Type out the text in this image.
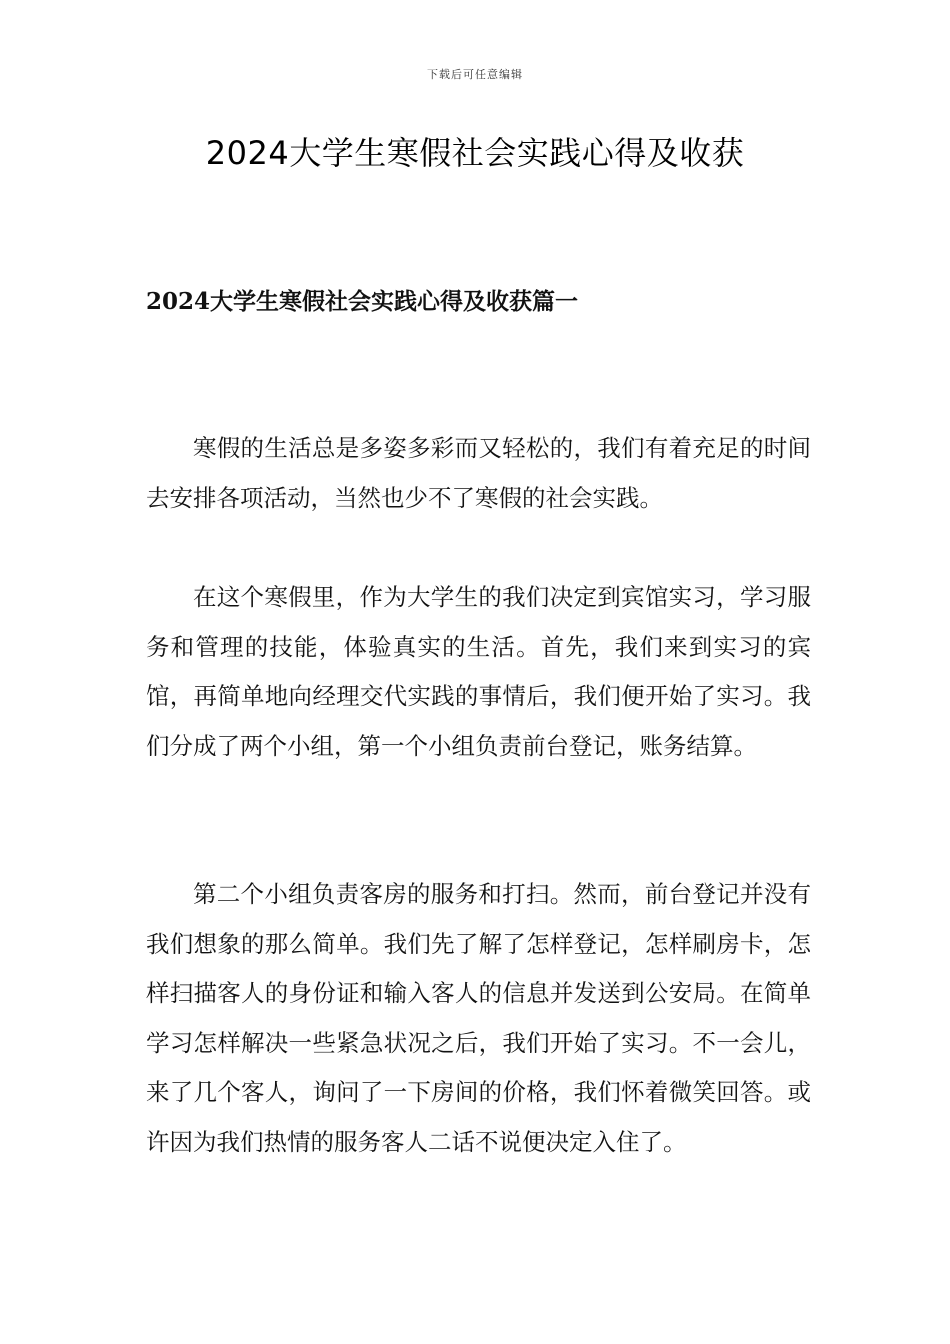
下载后可任意编辑
2024大学生寒假社会实践心得及收获
2024大学生寒假社会实践心得及收获篇一

寒假的生活总是多姿多彩而又轻松的，我们有着充足的时间去安排各项活动，当然也少不了寒假的社会实践。

在这个寒假里，作为大学生的我们决定到宾馆实习，学习服务和管理的技能，体验真实的生活。首先，我们来到实习的宾馆，再简单地向经理交代实践的事情后，我们便开始了实习。我们分成了两个小组，第一个小组负责前台登记，账务结算。

第二个小组负责客房的服务和打扫。然而，前台登记并没有我们想象的那么简单。我们先了解了怎样登记，怎样刷房卡，怎样扫描客人的身份证和输入客人的信息并发送到公安局。在简单学习怎样解决一些紧急状况之后，我们开始了实习。不一会儿，来了几个客人，询问了一下房间的价格，我们怀着微笑回答。或许因为我们热情的服务客人二话不说便决定入住了。
